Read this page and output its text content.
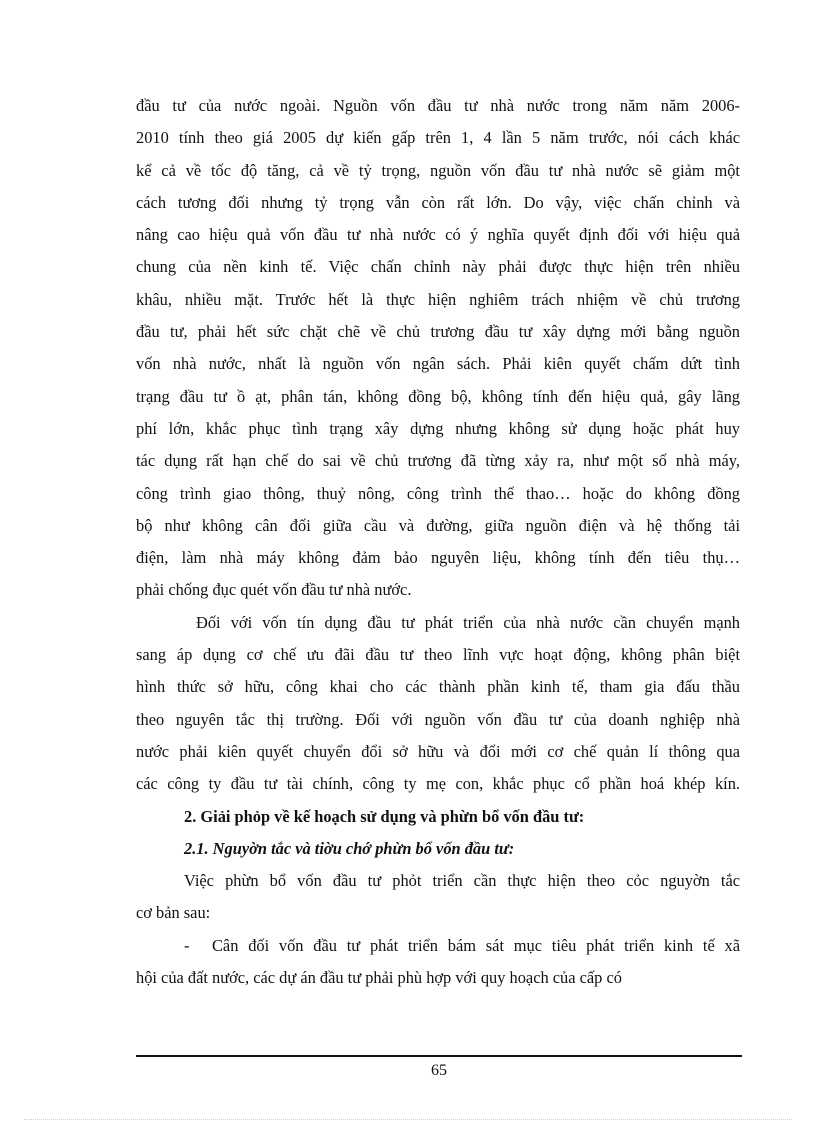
đầu tư của nước ngoài. Nguồn vốn đầu tư nhà nước trong năm năm 2006-
2010 tính theo giá 2005 dự kiến gấp trên 1, 4 lần 5 năm trước, nói cách khác
kể cả về tốc độ tăng, cả về tỷ trọng, nguồn vốn đầu tư nhà nước sẽ giảm một
cách tương đối nhưng tỷ trọng vẫn còn rất lớn. Do vậy, việc chấn chỉnh và
nâng cao hiệu quả vốn đầu tư nhà nước có ý nghĩa quyết định đối với hiệu quả
chung của nền kinh tế. Việc chấn chỉnh này phải được thực hiện trên nhiều
khâu, nhiều mặt. Trước hết là thực hiện nghiêm trách nhiệm về chủ trương
đầu tư, phải hết sức chặt chẽ về chủ trương đầu tư xây dựng mới bằng nguồn
vốn nhà nước, nhất là nguồn vốn ngân sách. Phải kiên quyết chấm dứt tình
trạng đầu tư ồ ạt, phân tán, không đồng bộ, không tính đến hiệu quả, gây lãng
phí lớn, khắc phục tình trạng xây dựng nhưng không sử dụng hoặc phát huy
tác dụng rất hạn chế do sai về chủ trương đã từng xảy ra, như một số nhà máy,
công trình giao thông, thuỷ nông, công trình thể thao… hoặc do không đồng
bộ như không cân đối giữa cầu và đường, giữa nguồn điện và hệ thống tải
điện, làm nhà máy không đảm bảo nguyên liệu, không tính đến tiêu thụ…
phải chống đục quét vốn đầu tư nhà nước.
Đối với vốn tín dụng đầu tư phát triển của nhà nước cần chuyển mạnh
sang áp dụng cơ chế ưu đãi đầu tư theo lĩnh vực hoạt động, không phân biệt
hình thức sở hữu, công khai cho các thành phần kinh tế, tham gia đấu thầu
theo nguyên tắc thị trường. Đối với nguồn vốn đầu tư của doanh nghiệp nhà
nước phải kiên quyết chuyển đổi sở hữu và đổi mới cơ chế quản lí thông qua
các công ty đầu tư tài chính, công ty mẹ con, khắc phục cổ phần hoá khép kín.
2. Giải phỏp về kế hoạch sử dụng và phừn bổ vốn đầu tư:
2.1. Nguyờn tắc và tiờu chớ phừn bổ vốn đầu tư:
Việc phừn bổ vốn đầu tư phỏt triển cần thực hiện theo cỏc nguyờn tắc
cơ bản sau:
- Cân đối vốn đầu tư phát triển bám sát mục tiêu phát triển kinh tế xã
hội của đất nước, các dự án đầu tư phải phù hợp với quy hoạch của cấp có
65
